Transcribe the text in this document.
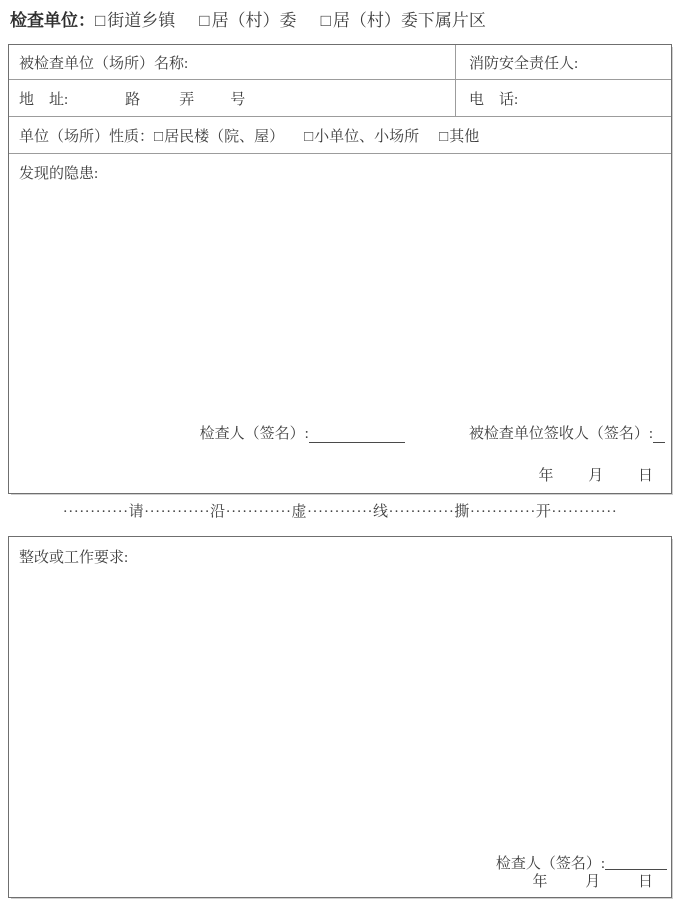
检查单位：□ 街道乡镇 □ 居（村）委 □ 居（村）委下属片区
被检查单位（场所）名称:	消防安全责任人:
地　址:	路	弄 号	电　话:
单位（场所）性质： □居民楼（院、屋） □小单位、小场所 □其他
发现的隐患:
检查人（签名）:	被检查单位签收人（签名）:
年 月 日
············请············沿············虚············线············撕············开············
整改或工作要求:
检查人（签名）:
年	月	日
